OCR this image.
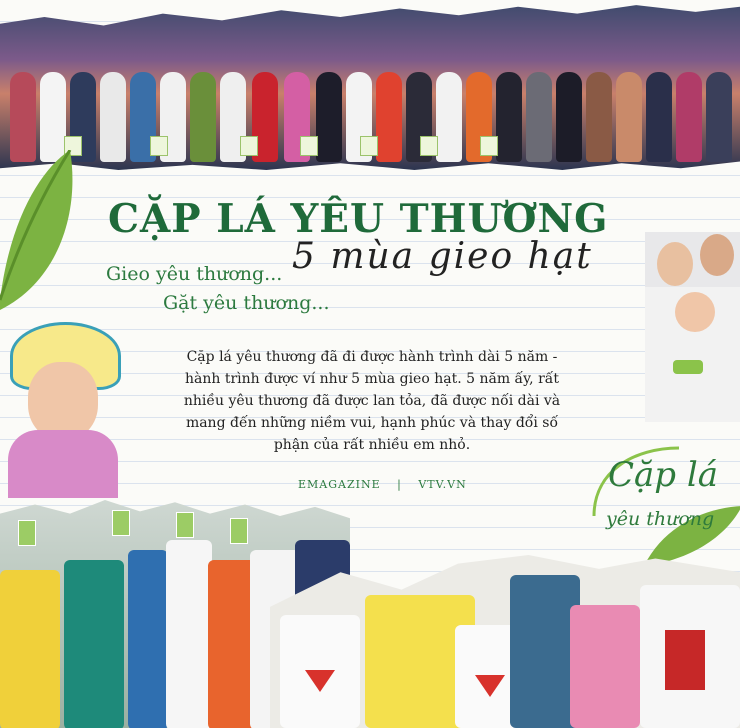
CẶP LÁ YÊU THƯƠNG
5 mùa gieo hạt
Gieo yêu thương...
Gặt yêu thương...
Cặp lá yêu thương đã đi được hành trình dài 5 năm - hành trình được ví như 5 mùa gieo hạt. 5 năm ấy, rất nhiều yêu thương đã được lan tỏa, đã được nối dài và mang đến những niềm vui, hạnh phúc và thay đổi số phận của rất nhiều em nhỏ.
EMAGAZINE | VTV.VN	Cặp lá
yêu thương
